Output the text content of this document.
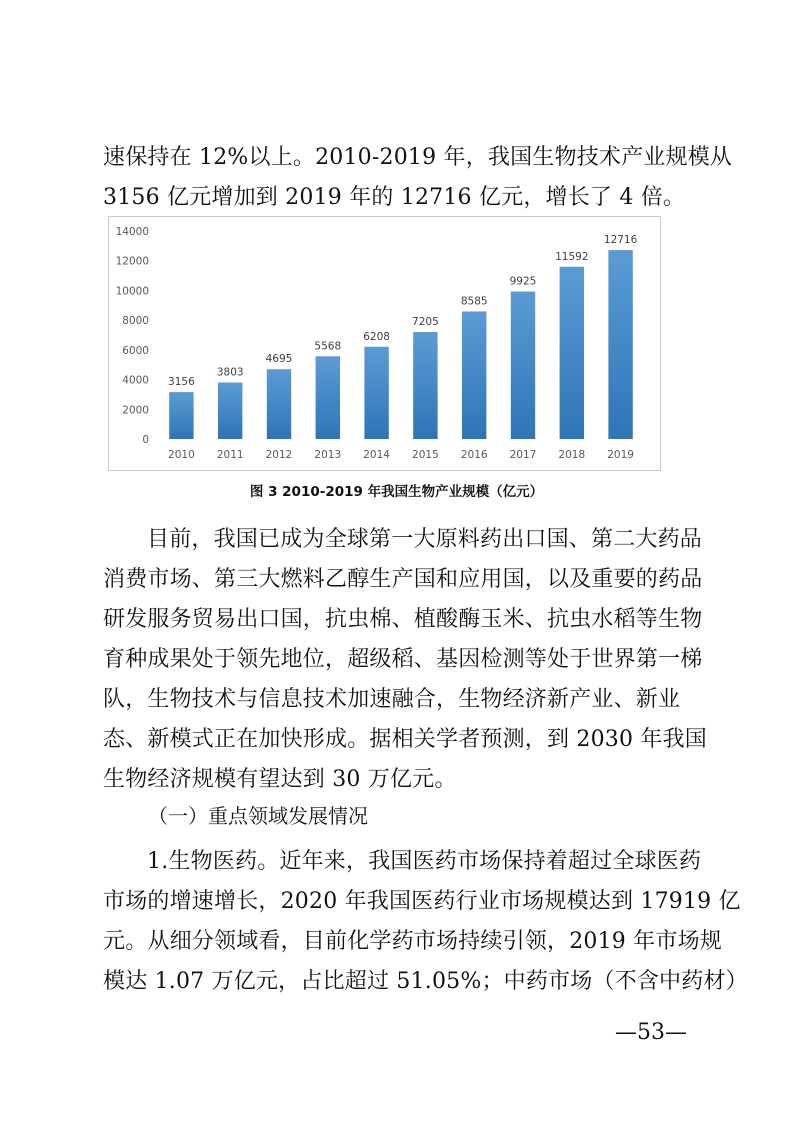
速保持在 12%以上。2010-2019 年，我国生物技术产业规模从
3156 亿元增加到 2019 年的 12716 亿元，增长了 4 倍。
0
2000
4000
6000
8000
10000
12000
14000
3156
3803
4695
5568
6208
7205
8585
9925
11592
12716
2010 2011 2012 2013 2014 2015 2016 2017 2018 2019
图 3 2010-2019 年我国生物产业规模（亿元）
目前，我国已成为全球第一大原料药出口国、第二大药品
消费市场、第三大燃料乙醇生产国和应用国，以及重要的药品
研发服务贸易出口国，抗虫棉、植酸酶玉米、抗虫水稻等生物
育种成果处于领先地位，超级稻、基因检测等处于世界第一梯
队，生物技术与信息技术加速融合，生物经济新产业、新业
态、新模式正在加快形成。据相关学者预测，到 2030 年我国
生物经济规模有望达到 30 万亿元。
（一）重点领域发展情况
1.生物医药。近年来，我国医药市场保持着超过全球医药
市场的增速增长，2020 年我国医药行业市场规模达到 17919 亿
元。从细分领域看，目前化学药市场持续引领，2019 年市场规
模达 1.07 万亿元，占比超过 51.05%；中药市场（不含中药材）
—53—
